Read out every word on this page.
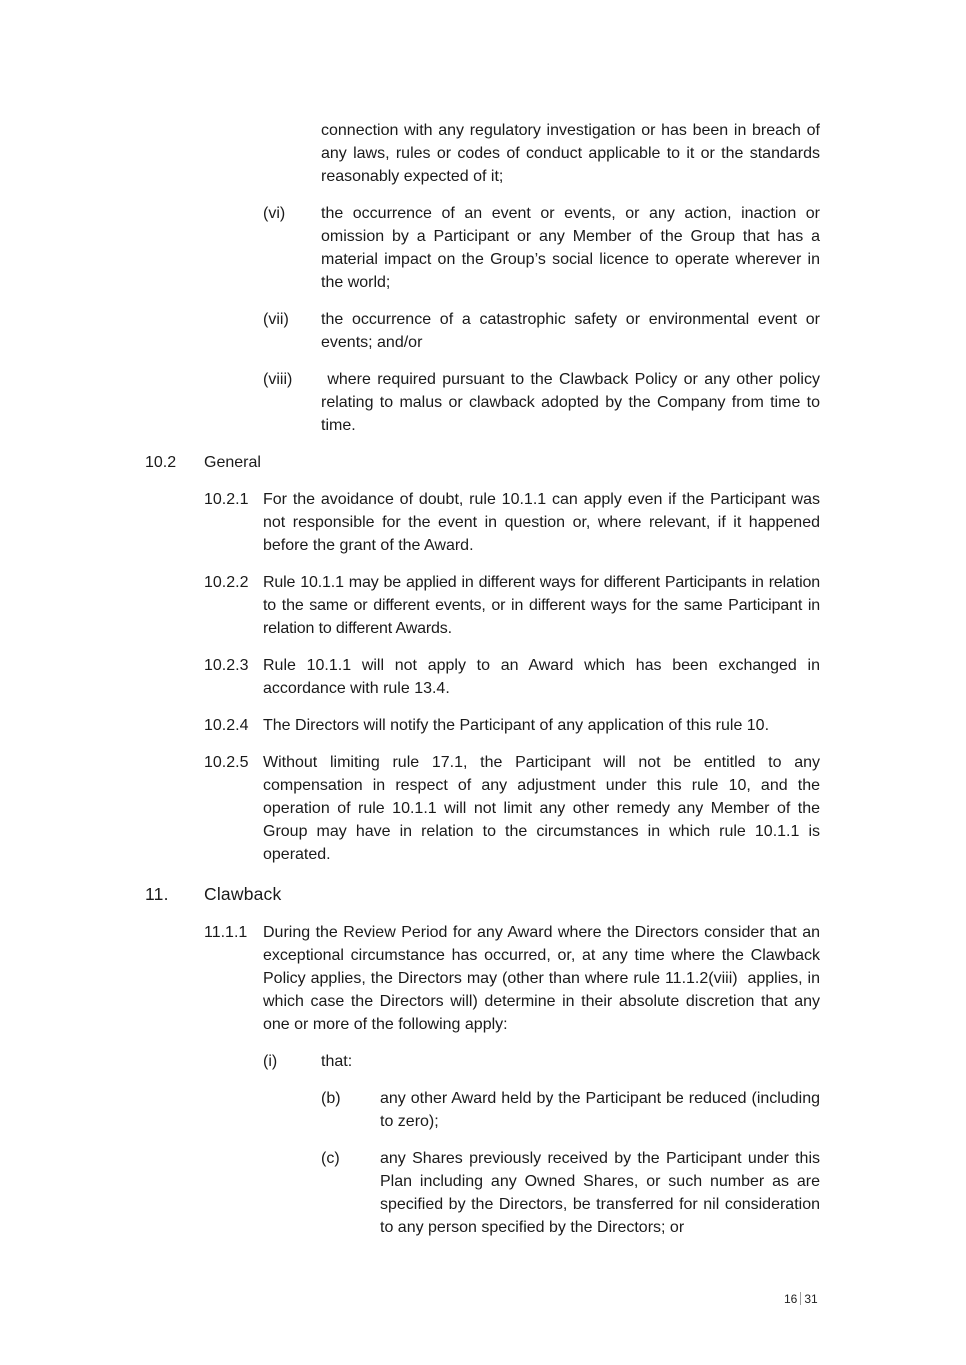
connection with any regulatory investigation or has been in breach of any laws, rules or codes of conduct applicable to it or the standards reasonably expected of it;
(vi) the occurrence of an event or events, or any action, inaction or omission by a Participant or any Member of the Group that has a material impact on the Group’s social licence to operate wherever in the world;
(vii) the occurrence of a catastrophic safety or environmental event or events; and/or
(viii) where required pursuant to the Clawback Policy or any other policy relating to malus or clawback adopted by the Company from time to time.
10.2 General
10.2.1 For the avoidance of doubt, rule 10.1.1 can apply even if the Participant was not responsible for the event in question or, where relevant, if it happened before the grant of the Award.
10.2.2 Rule 10.1.1 may be applied in different ways for different Participants in relation to the same or different events, or in different ways for the same Participant in relation to different Awards.
10.2.3 Rule 10.1.1 will not apply to an Award which has been exchanged in accordance with rule 13.4.
10.2.4 The Directors will notify the Participant of any application of this rule 10.
10.2.5 Without limiting rule 17.1, the Participant will not be entitled to any compensation in respect of any adjustment under this rule 10, and the operation of rule 10.1.1 will not limit any other remedy any Member of the Group may have in relation to the circumstances in which rule 10.1.1 is operated.
11. Clawback
11.1.1 During the Review Period for any Award where the Directors consider that an exceptional circumstance has occurred, or, at any time where the Clawback Policy applies, the Directors may (other than where rule 11.1.2(viii)  applies, in which case the Directors will) determine in their absolute discretion that any one or more of the following apply:
(i)	that:
(b) any other Award held by the Participant be reduced (including to zero);
(c)	any Shares previously received by the Participant under this Plan including any Owned Shares, or such number as are specified by the Directors, be transferred for nil consideration to any person specified by the Directors; or
16 31
